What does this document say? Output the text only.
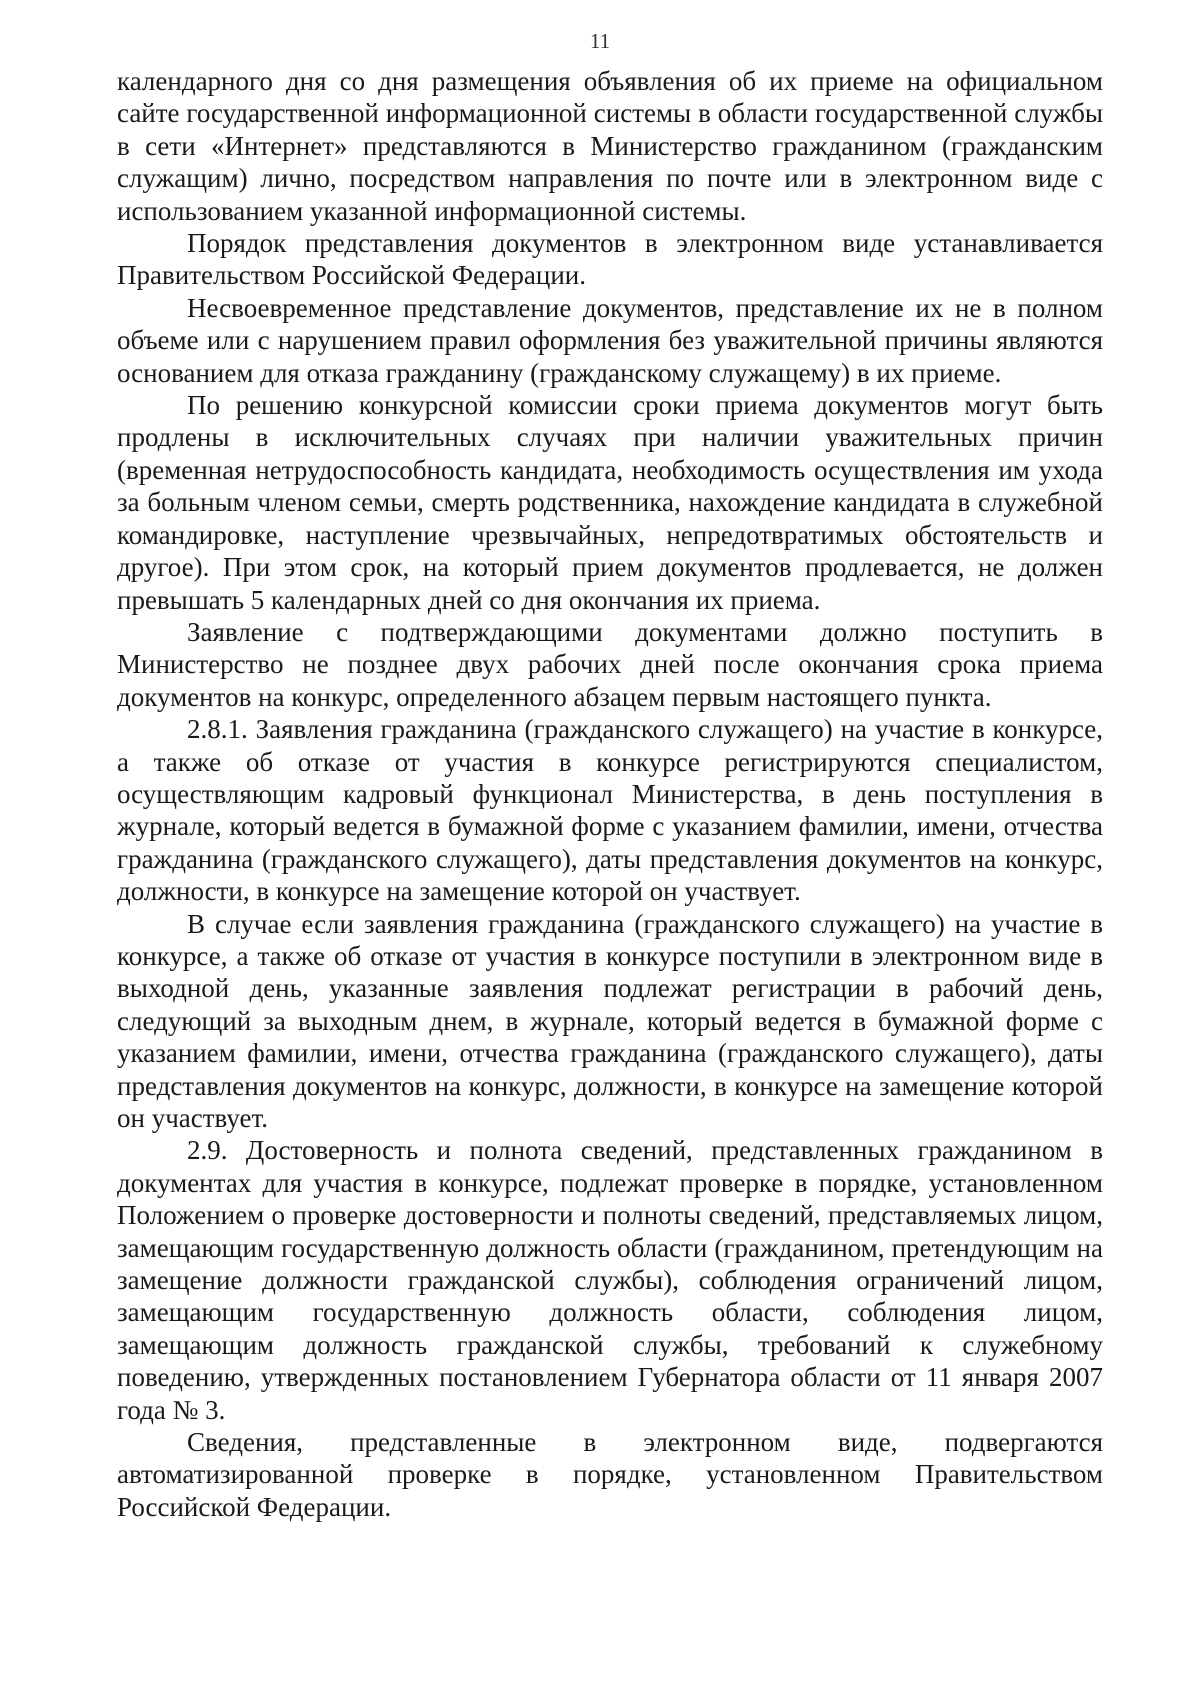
11

календарного дня со дня размещения объявления об их приеме на официальном сайте государственной информационной системы в области государственной службы в сети «Интернет» представляются в Министерство гражданином (гражданским служащим) лично, посредством направления по почте или в электронном виде с использованием указанной информационной системы.

Порядок представления документов в электронном виде устанавливается Правительством Российской Федерации.

Несвоевременное представление документов, представление их не в полном объеме или с нарушением правил оформления без уважительной причины являются основанием для отказа гражданину (гражданскому служащему) в их приеме.

По решению конкурсной комиссии сроки приема документов могут быть продлены в исключительных случаях при наличии уважительных причин (временная нетрудоспособность кандидата, необходимость осуществления им ухода за больным членом семьи, смерть родственника, нахождение кандидата в служебной командировке, наступление чрезвычайных, непредотвратимых обстоятельств и другое). При этом срок, на который прием документов продлевается, не должен превышать 5 календарных дней со дня окончания их приема.

Заявление с подтверждающими документами должно поступить в Министерство не позднее двух рабочих дней после окончания срока приема документов на конкурс, определенного абзацем первым настоящего пункта.

2.8.1. Заявления гражданина (гражданского служащего) на участие в конкурсе, а также об отказе от участия в конкурсе регистрируются специалистом, осуществляющим кадровый функционал Министерства, в день поступления в журнале, который ведется в бумажной форме с указанием фамилии, имени, отчества гражданина (гражданского служащего), даты представления документов на конкурс, должности, в конкурсе на замещение которой он участвует.

В случае если заявления гражданина (гражданского служащего) на участие в конкурсе, а также об отказе от участия в конкурсе поступили в электронном виде в выходной день, указанные заявления подлежат регистрации в рабочий день, следующий за выходным днем, в журнале, который ведется в бумажной форме с указанием фамилии, имени, отчества гражданина (гражданского служащего), даты представления документов на конкурс, должности, в конкурсе на замещение которой он участвует.

2.9. Достоверность и полнота сведений, представленных гражданином в документах для участия в конкурсе, подлежат проверке в порядке, установленном Положением о проверке достоверности и полноты сведений, представляемых лицом, замещающим государственную должность области (гражданином, претендующим на замещение должности гражданской службы), соблюдения ограничений лицом, замещающим государственную должность области, соблюдения лицом, замещающим должность гражданской службы, требований к служебному поведению, утвержденных постановлением Губернатора области от 11 января 2007 года № 3.

Сведения, представленные в электронном виде, подвергаются автоматизированной проверке в порядке, установленном Правительством Российской Федерации.
